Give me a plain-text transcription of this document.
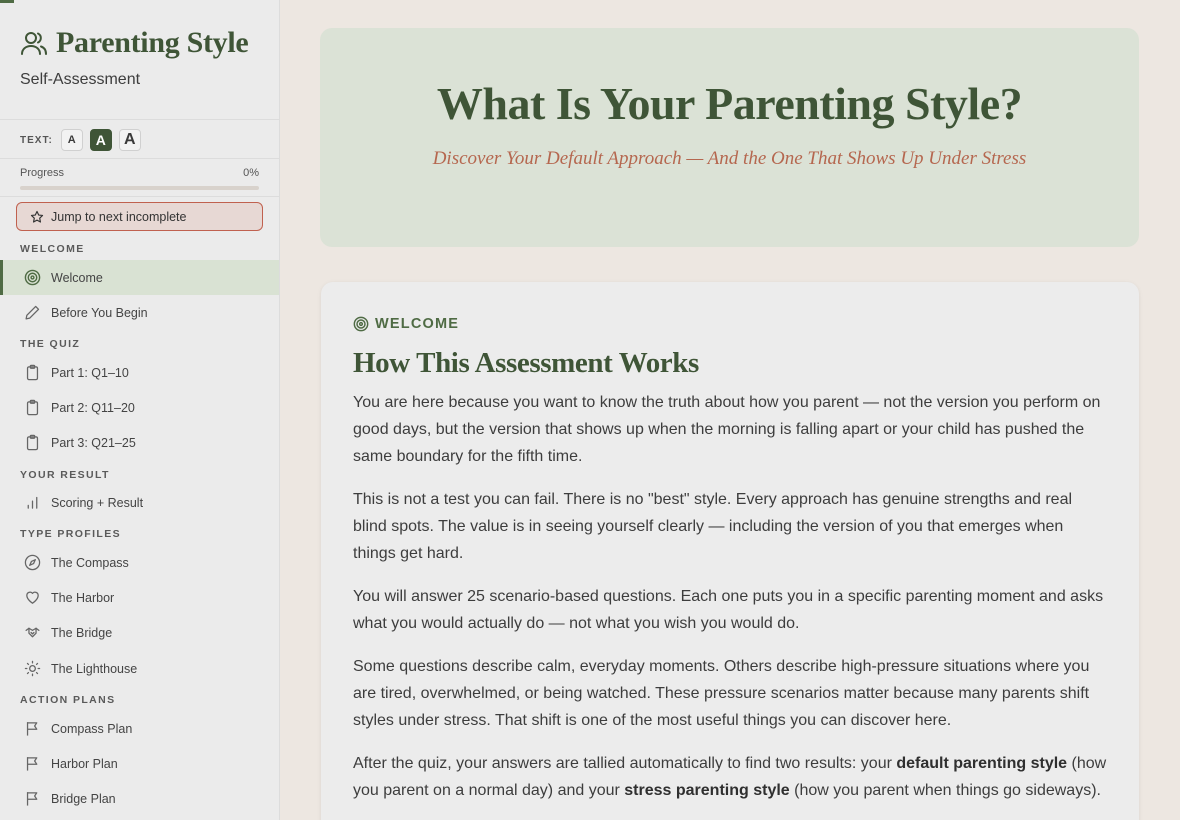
Parenting Style
Self-Assessment
TEXT:	A	A	A
Progress	0%
Jump to next incomplete
WELCOME
Welcome
Before You Begin
THE QUIZ
Part 1: Q1–10
Part 2: Q11–20
Part 3: Q21–25
YOUR RESULT
Scoring + Result
TYPE PROFILES
The Compass
The Harbor
The Bridge
The Lighthouse
ACTION PLANS
Compass Plan
Harbor Plan
Bridge Plan
What Is Your Parenting Style?
Discover Your Default Approach — And the One That Shows Up Under Stress
WELCOME
How This Assessment Works

You are here because you want to know the truth about how you parent — not the version you perform on good days, but the version that shows up when the morning is falling apart or your child has pushed the same boundary for the fifth time.

This is not a test you can fail. There is no "best" style. Every approach has genuine strengths and real blind spots. The value is in seeing yourself clearly — including the version of you that emerges when things get hard.

You will answer 25 scenario-based questions. Each one puts you in a specific parenting moment and asks what you would actually do — not what you wish you would do.

Some questions describe calm, everyday moments. Others describe high-pressure situations where you are tired, overwhelmed, or being watched. These pressure scenarios matter because many parents shift styles under stress. That shift is one of the most useful things you can discover here.

After the quiz, your answers are tallied automatically to find two results: your default parenting style (how you parent on a normal day) and your stress parenting style (how you parent when things go sideways).
